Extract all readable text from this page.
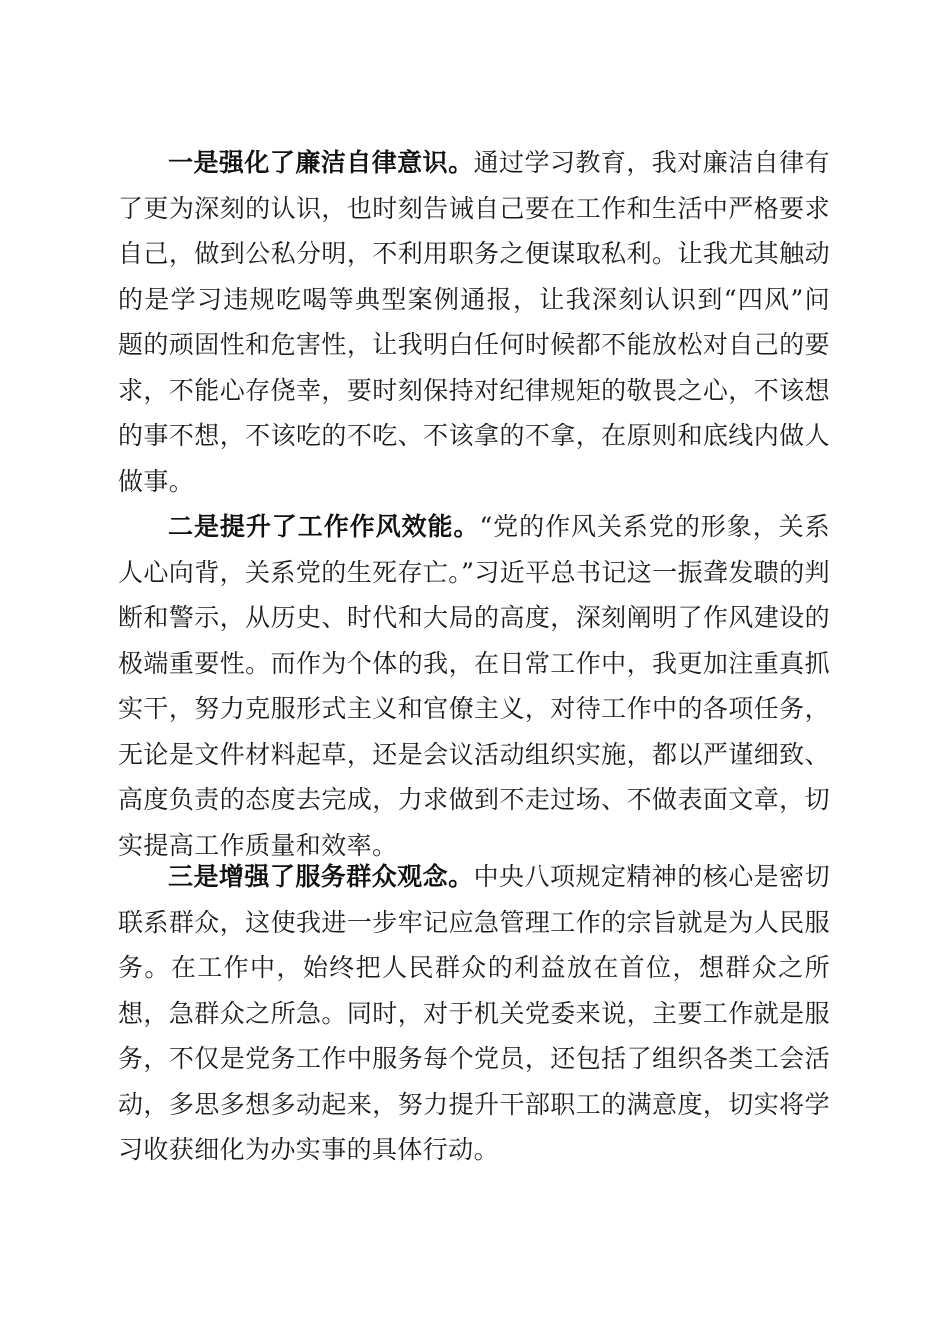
一是强化了廉洁自律意识。通过学习教育，我对廉洁自律有了更为深刻的认识，也时刻告诫自己要在工作和生活中严格要求自己，做到公私分明，不利用职务之便谋取私利。让我尤其触动的是学习违规吃喝等典型案例通报，让我深刻认识到“四风”问题的顽固性和危害性，让我明白任何时候都不能放松对自己的要求，不能心存侥幸，要时刻保持对纪律规矩的敬畏之心，不该想的事不想，不该吃的不吃、不该拿的不拿，在原则和底线内做人做事。

二是提升了工作作风效能。“党的作风关系党的形象，关系人心向背，关系党的生死存亡。”习近平总书记这一振聋发聩的判断和警示，从历史、时代和大局的高度，深刻阐明了作风建设的极端重要性。而作为个体的我，在日常工作中，我更加注重真抓实干，努力克服形式主义和官僚主义，对待工作中的各项任务，无论是文件材料起草，还是会议活动组织实施，都以严谨细致、高度负责的态度去完成，力求做到不走过场、不做表面文章，切实提高工作质量和效率。

三是增强了服务群众观念。中央八项规定精神的核心是密切联系群众，这使我进一步牢记应急管理工作的宗旨就是为人民服务。在工作中，始终把人民群众的利益放在首位，想群众之所想，急群众之所急。同时，对于机关党委来说，主要工作就是服务，不仅是党务工作中服务每个党员，还包括了组织各类工会活动，多思多想多动起来，努力提升干部职工的满意度，切实将学习收获细化为办实事的具体行动。
